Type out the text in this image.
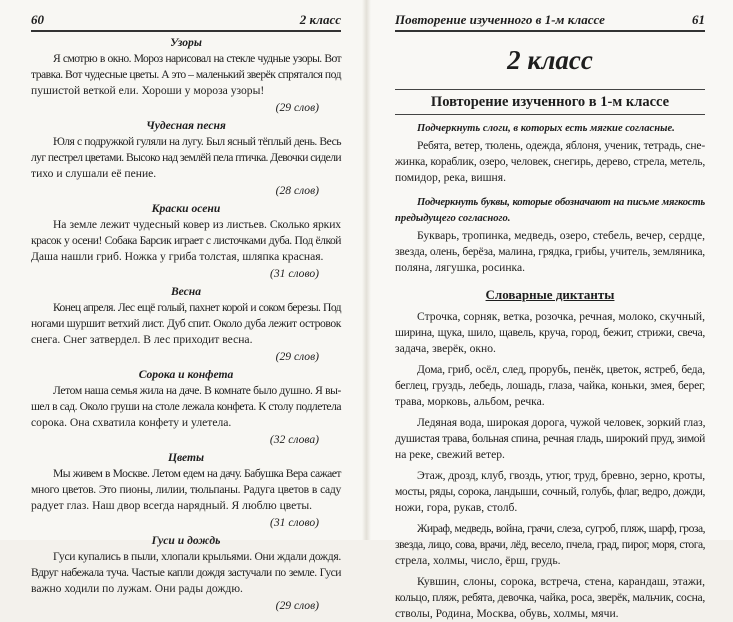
60	2 класс
Узоры
Я смотрю в окно. Мороз нарисовал на стекле чудные узоры. Вот
травка. Вот чудесные цветы. А это – маленький зверёк спрятался под
пушистой веткой ели. Хороши у мороза узоры!
(29 слов)
Чудесная песня
Юля с подружкой гуляли на лугу. Был ясный тёплый день. Весь
луг пестрел цветами. Высоко над землёй пела птичка. Девочки сидели
тихо и слушали её пение.
(28 слов)
Краски осени
На земле лежит чудесный ковер из листьев. Сколько ярких
красок у осени! Собака Барсик играет с листочками дуба. Под ёлкой
Даша нашли гриб. Ножка у гриба толстая, шляпка красная.
(31 слово)
Весна
Конец апреля. Лес ещё голый, пахнет корой и соком березы. Под
ногами шуршит ветхий лист. Дуб спит. Около дуба лежит островок
снега. Снег затвердел. В лес приходит весна.
(29 слов)
Сорока и конфета
Летом наша семья жила на даче. В комнате было душно. Я вы-
шел в сад. Около груши на столе лежала конфета. К столу подлетела
сорока. Она схватила конфету и улетела.
(32 слова)
Цветы
Мы живем в Москве. Летом едем на дачу. Бабушка Вера сажает
много цветов. Это пионы, лилии, тюльпаны. Радуга цветов в саду
радует глаз. Наш двор всегда нарядный. Я люблю цветы.
(31 слово)
Гуси и дождь
Гуси купались в пыли, хлопали крыльями. Они ждали дождя.
Вдруг набежала туча. Частые капли дождя застучали по земле. Гуси
важно ходили по лужам. Они рады дождю.
(29 слов)
Повторение изученного в 1-м классе	61
2 класс
Повторение изученного в 1-м классе
Подчеркнуть слоги, в которых есть мягкие согласные.
Ребята, ветер, тюлень, одежда, яблоня, ученик, тетрадь, сне-
жинка, кораблик, озеро, человек, снегирь, дерево, стрела, метель,
помидор, река, вишня.
Подчеркнуть буквы, которые обозначают на письме мягкость
предыдущего согласного.
Букварь, тропинка, медведь, озеро, стебель, вечер, сердце,
звезда, олень, берёза, малина, грядка, грибы, учитель, земляника,
поляна, лягушка, росинка.
Словарные диктанты
Строчка, сорняк, ветка, розочка, речная, молоко, скучный,
ширина, щука, шило, щавель, круча, город, бежит, стрижи, свеча,
задача, зверёк, окно.
Дома, гриб, осёл, след, прорубь, пенёк, цветок, ястреб, беда,
беглец, груздь, лебедь, лошадь, глаза, чайка, коньки, змея, берег,
трава, морковь, альбом, речка.
Ледяная вода, широкая дорога, чужой человек, зоркий глаз,
душистая трава, больная спина, речная гладь, широкий пруд, зимой
на реке, свежий ветер.
Этаж, дрозд, клуб, гвоздь, утюг, труд, бревно, зерно, кроты,
мосты, ряды, сорока, ландыши, сочный, голубь, флаг, ведро, дожди,
ножи, гора, рукав, столб.
Жираф, медведь, война, грачи, слеза, сугроб, пляж, шарф, гроза,
звезда, лицо, сова, врачи, лёд, весело, пчела, град, пирог, моря, стога,
стрела, холмы, число, ёрш, грудь.
Кувшин, слоны, сорока, встреча, стена, карандаш, этажи,
кольцо, пляж, ребята, девочка, чайка, роса, зверёк, мальчик, сосна,
стволы, Родина, Москва, обувь, холмы, мячи.
